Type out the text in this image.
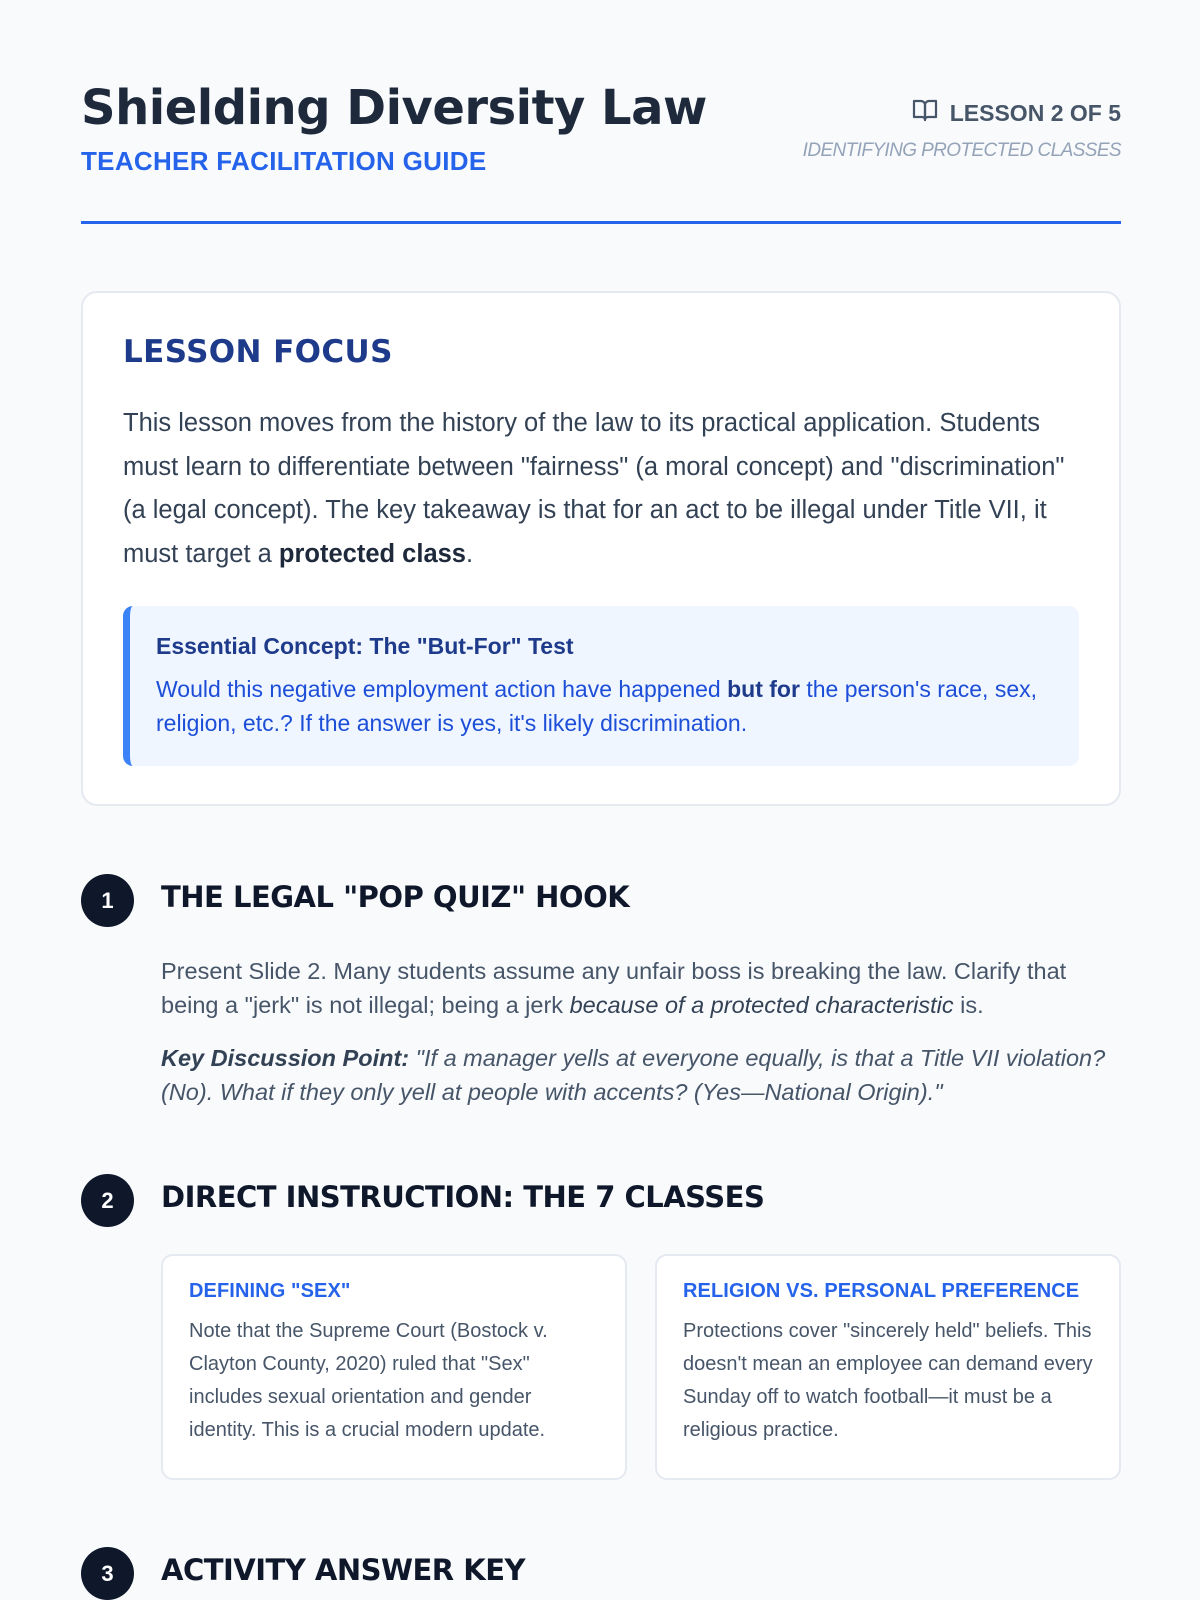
Shielding Diversity Law
TEACHER FACILITATION GUIDE
LESSON 2 OF 5
IDENTIFYING PROTECTED CLASSES
LESSON FOCUS

This lesson moves from the history of the law to its practical application. Students must learn to differentiate between "fairness" (a moral concept) and "discrimination" (a legal concept). The key takeaway is that for an act to be illegal under Title VII, it must target a protected class.

Essential Concept: The "But-For" Test

Would this negative employment action have happened but for the person's race, sex, religion, etc.? If the answer is yes, it's likely discrimination.

1	THE LEGAL "POP QUIZ" HOOK

Present Slide 2. Many students assume any unfair boss is breaking the law. Clarify that being a "jerk" is not illegal; being a jerk because of a protected characteristic is.

Key Discussion Point: "If a manager yells at everyone equally, is that a Title VII violation? (No). What if they only yell at people with accents? (Yes—National Origin)."

2	DIRECT INSTRUCTION: THE 7 CLASSES
DEFINING "SEX"

Note that the Supreme Court (Bostock v. Clayton County, 2020) ruled that "Sex" includes sexual orientation and gender identity. This is a crucial modern update.

RELIGION VS. PERSONAL PREFERENCE

Protections cover "sincerely held" beliefs. This doesn't mean an employee can demand every Sunday off to watch football—it must be a religious practice.

3	ACTIVITY ANSWER KEY
